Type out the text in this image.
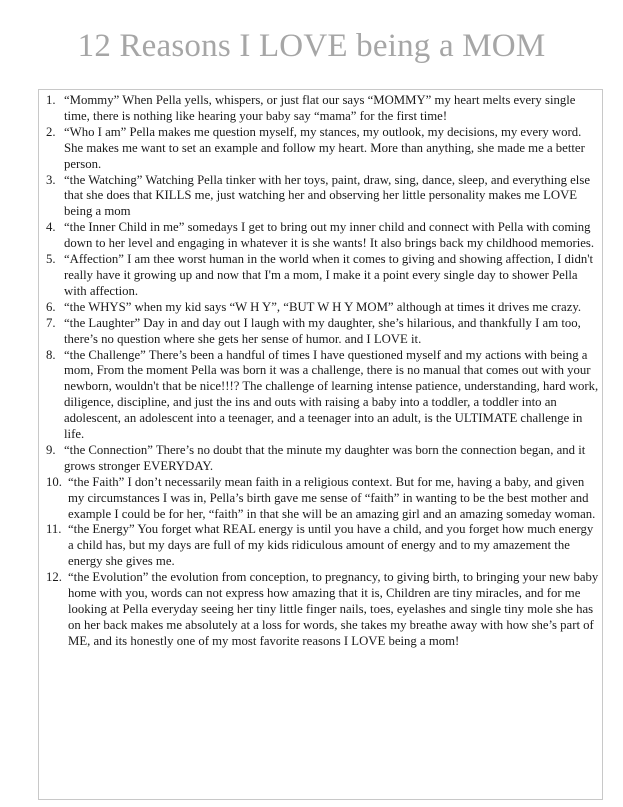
12 Reasons I LOVE being a MOM
1. “Mommy” When Pella yells, whispers, or just flat our says “MOMMY” my heart melts every single time, there is nothing like hearing your baby say “mama” for the first time!
2. “Who I am” Pella makes me question myself, my stances, my outlook, my decisions, my every word. She makes me want to set an example and follow my heart. More than anything, she made me a better person.
3. “the Watching” Watching Pella tinker with her toys, paint, draw, sing, dance, sleep, and everything else that she does that KILLS me, just watching her and observing her little personality makes me LOVE being a mom
4. “the Inner Child in me” somedays I get to bring out my inner child and connect with Pella with coming down to her level and engaging in whatever it is she wants! It also brings back my childhood memories.
5. “Affection” I am thee worst human in the world when it comes to giving and showing affection, I didn't really have it growing up and now that I'm a mom, I make it a point every single day to shower Pella with affection.
6. “the WHYS” when my kid says “W H Y”, “BUT W H Y MOM” although at times it drives me crazy.
7. “the Laughter” Day in and day out I laugh with my daughter, she’s hilarious, and thankfully I am too, there’s no question where she gets her sense of humor. and I LOVE it.
8. “the Challenge” There’s been a handful of times I have questioned myself and my actions with being a mom, From the moment Pella was born it was a challenge, there is no manual that comes out with your newborn, wouldn't that be nice!!!? The challenge of learning intense patience, understanding, hard work, diligence, discipline, and just the ins and outs with raising a baby into a toddler, a toddler into an adolescent, an adolescent into a teenager, and a teenager into an adult, is the ULTIMATE challenge in life.
9. “the Connection” There’s no doubt that the minute my daughter was born the connection began, and it grows stronger EVERYDAY.
10. “the Faith” I don’t necessarily mean faith in a religious context. But for me, having a baby, and given my circumstances I was in, Pella’s birth gave me sense of “faith” in wanting to be the best mother and example I could be for her, “faith” in that she will be an amazing girl and an amazing someday woman.
11. “the Energy” You forget what REAL energy is until you have a child, and you forget how much energy a child has, but my days are full of my kids ridiculous amount of energy and to my amazement the energy she gives me.
12. “the Evolution” the evolution from conception, to pregnancy, to giving birth, to bringing your new baby home with you, words can not express how amazing that it is, Children are tiny miracles, and for me looking at Pella everyday seeing her tiny little finger nails, toes, eyelashes and single tiny mole she has on her back makes me absolutely at a loss for words, she takes my breathe away with how she’s part of ME, and its honestly one of my most favorite reasons I LOVE being a mom!
